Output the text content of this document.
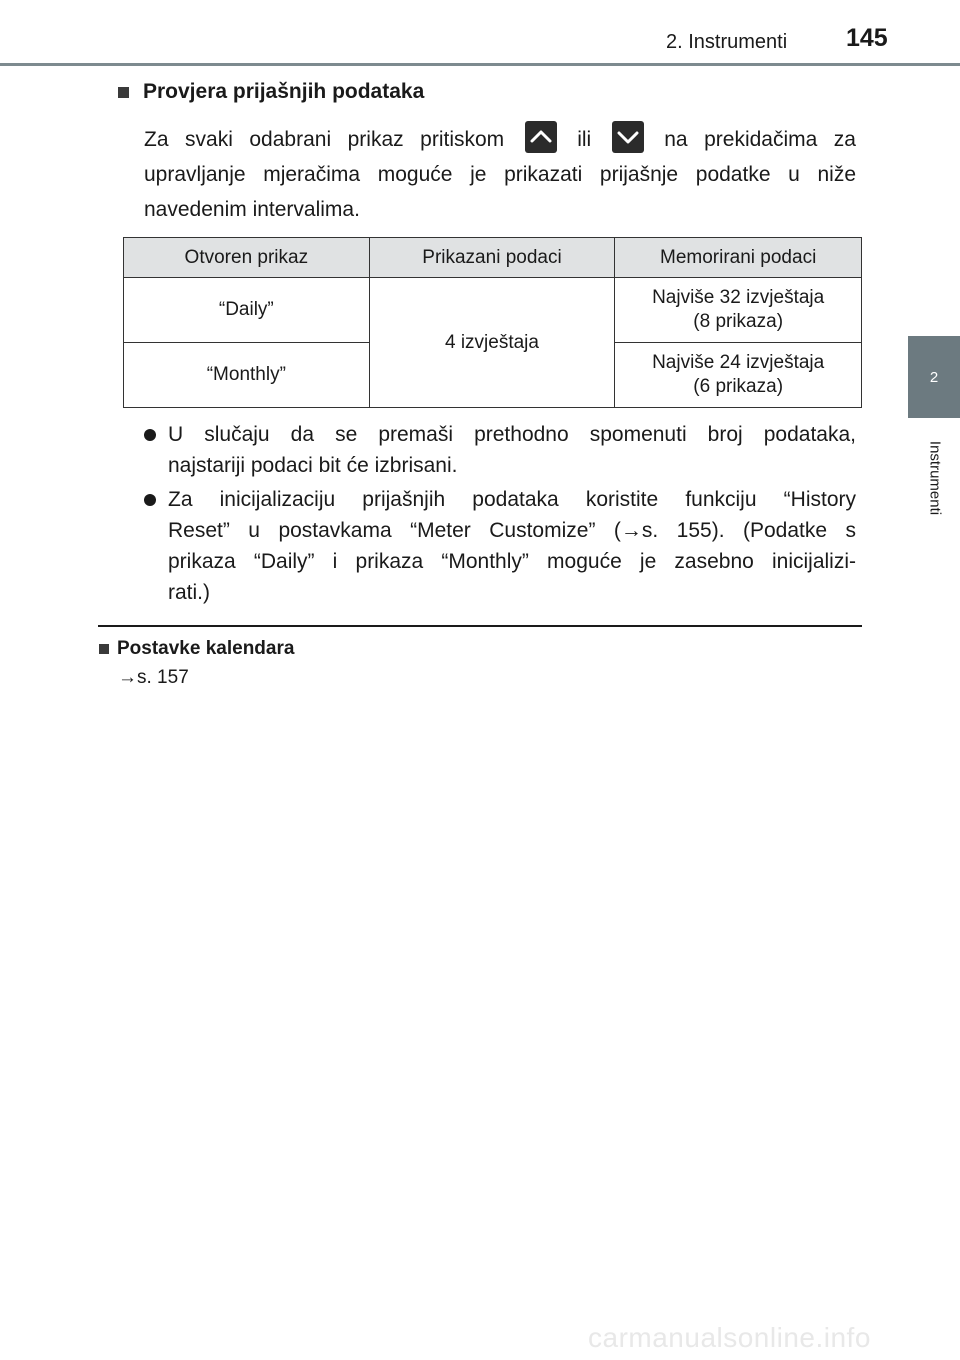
2. Instrumenti 145
2
Instrumenti
Provjera prijašnjih podataka
Za svaki odabrani prikaz pritiskom	ili	na prekidačima za
upravljanje mjeračima moguće je prikazati prijašnje podatke u niže
navedenim intervalima.
Otvoren prikaz	Prikazani podaci	Memorirani podaci
“Daily”	4 izvještaja	Najviše 32 izvještaja
(8 prikaza)

“Monthly”		Najviše 24 izvještaja
(6 prikaza)
U slučaju da se premaši prethodno spomenuti broj podataka,
najstariji podaci bit će izbrisani.
Za inicijalizaciju prijašnjih podataka koristite funkciju “History
Reset” u postavkama “Meter Customize” (→s. 155). (Podatke s
prikaza “Daily” i prikaza “Monthly” moguće je zasebno inicijalizi-
rati.)
Postavke kalendara
→s. 157
carmanualsonline.info
